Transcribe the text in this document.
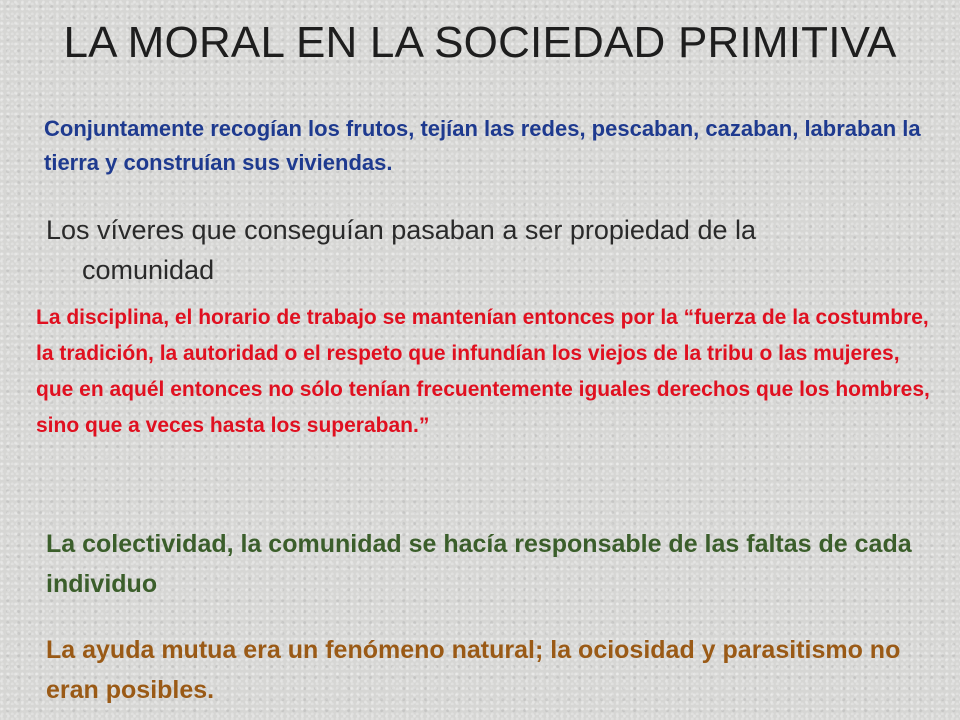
LA MORAL EN LA SOCIEDAD PRIMITIVA

Conjuntamente recogían los frutos, tejían las redes, pescaban, cazaban, labraban la tierra y construían sus viviendas.

Los víveres que conseguían pasaban a ser propiedad de la
comunidad

La disciplina, el horario de trabajo se mantenían entonces por la “fuerza de la costumbre, la tradición, la autoridad o el respeto que infundían los viejos de la tribu o las mujeres, que en aquél entonces no sólo tenían frecuentemente iguales derechos que los hombres, sino que a veces hasta los superaban.”

La colectividad, la comunidad se hacía responsable de las faltas de cada individuo

La ayuda mutua era un fenómeno natural; la ociosidad y parasitismo no eran posibles.
